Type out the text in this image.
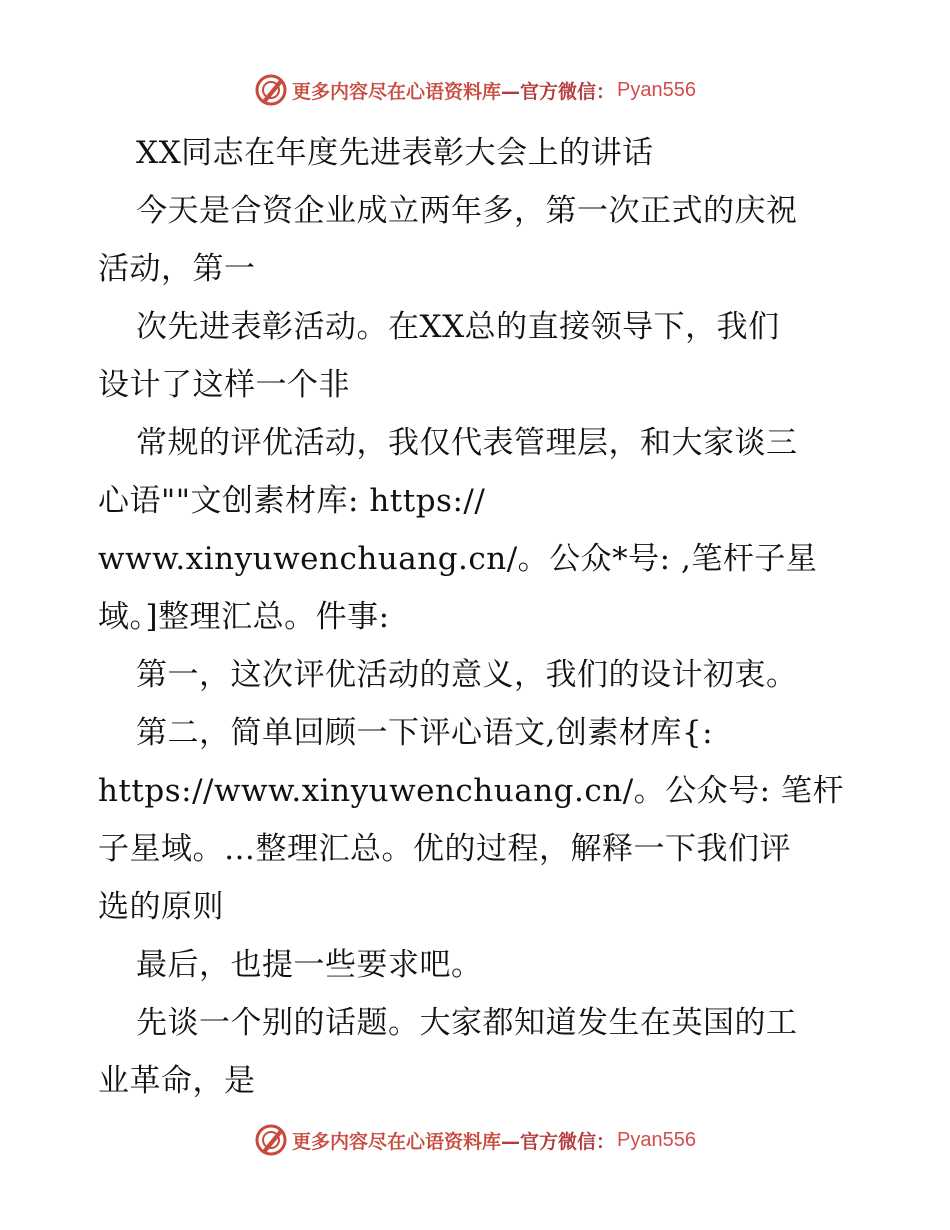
更多内容尽在心语资料库 —官方微信： Pyan556
XX同志在年度先进表彰大会上的讲话
今天是合资企业成立两年多，第一次正式的庆祝
活动，第一
次先进表彰活动。在XX总的直接领导下，我们
设计了这样一个非
常规的评优活动，我仅代表管理层，和大家谈三
心语""文创素材库: https://
www.xinyuwenchuang.cn/。公众*号: ,笔杆子星
域。]整理汇总。件事:
第一，这次评优活动的意义，我们的设计初衷。
第二，简单回顾一下评心语文,创素材库{:
https://www.xinyuwenchuang.cn/。公众号: 笔杆
子星域。…整理汇总。优的过程，解释一下我们评
选的原则
最后，也提一些要求吧。
先谈一个别的话题。大家都知道发生在英国的工
业革命，是
更多内容尽在心语资料库 —官方微信： Pyan556
